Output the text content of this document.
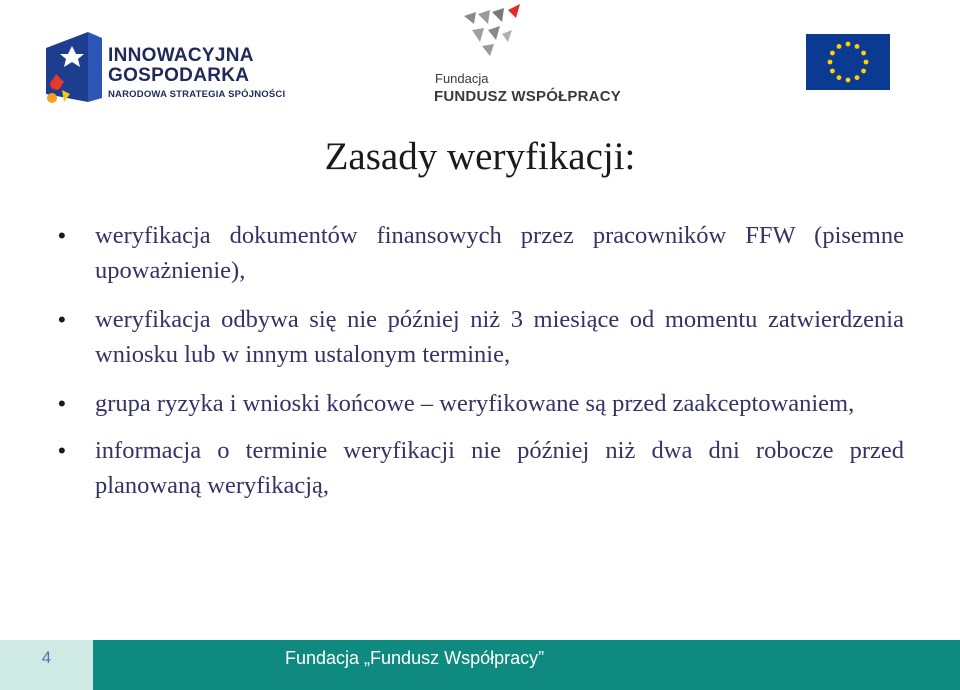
INNOWACYJNA
GOSPODARKA
NARODOWA STRATEGIA SPÓJNOŚCI
Fundacja
FUNDUSZ WSPÓŁPRACY
Zasady weryfikacji:
• weryfikacja dokumentów finansowych przez pracowników FFW (pisemne upoważnienie),
• weryfikacja odbywa się nie później niż 3 miesiące od momentu zatwierdzenia wniosku lub w innym ustalonym terminie,
• grupa ryzyka i wnioski końcowe – weryfikowane są przed zaakceptowaniem,
• informacja o terminie weryfikacji nie później niż dwa dni robocze przed planowaną weryfikacją,
4	Fundacja „Fundusz Współpracy”
